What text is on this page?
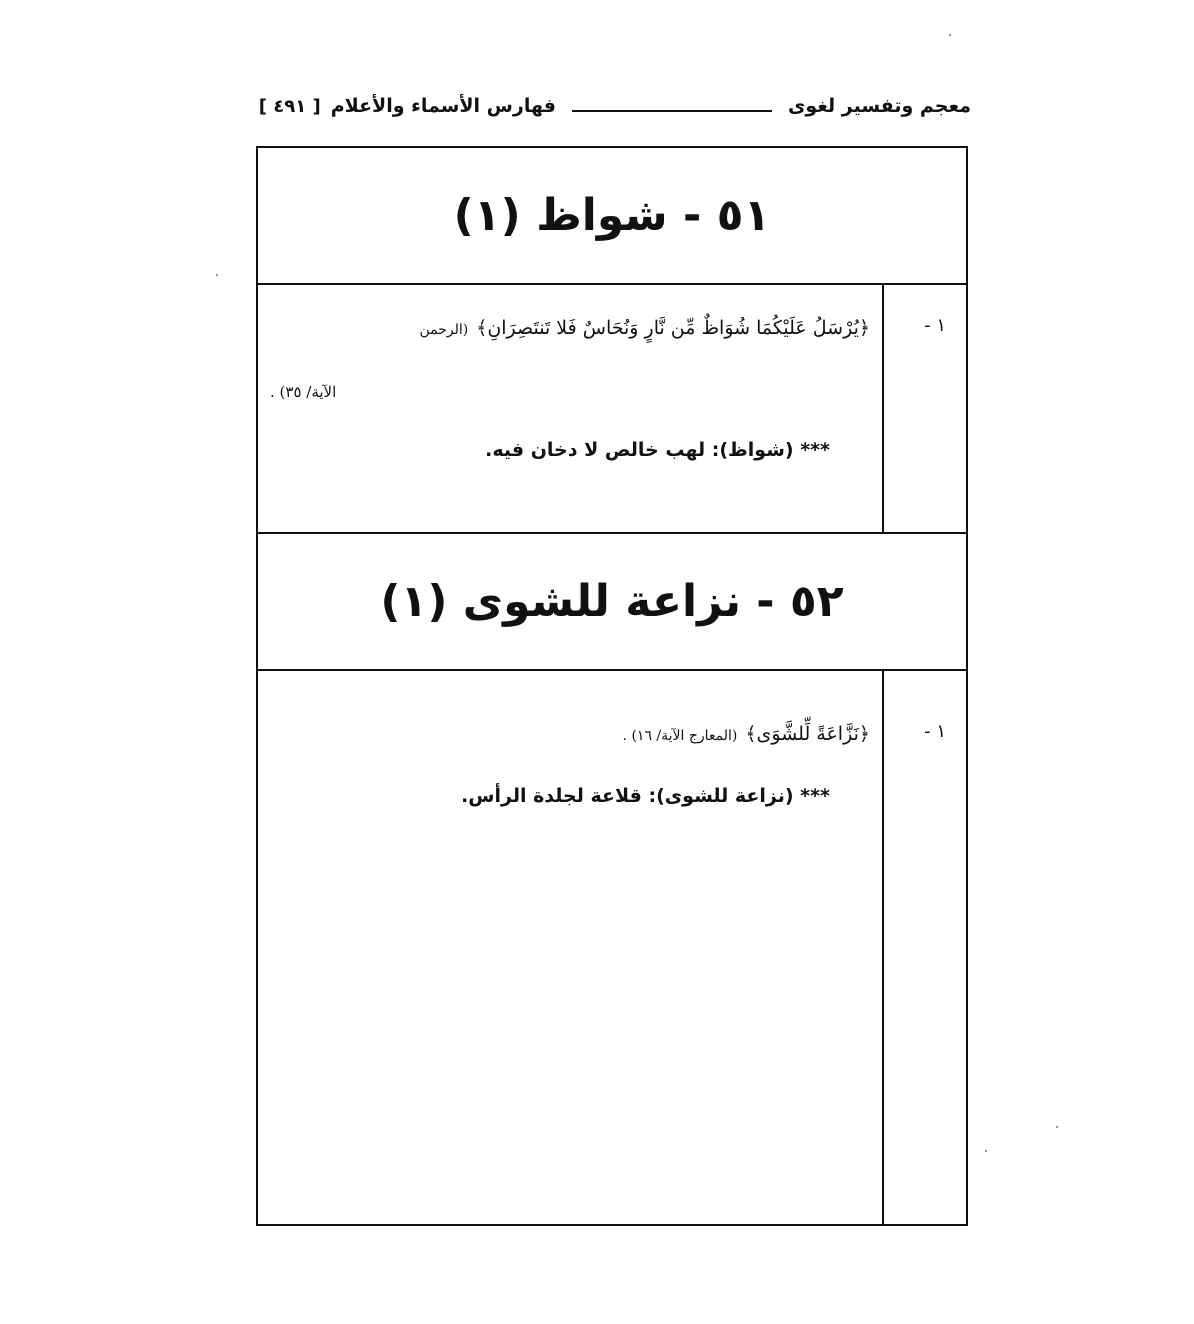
معجم وتفسير لغوى
فهارس الأسماء والأعلام
[ ٤٩١ ]
٥١ - شواظ (١)
١ -
﴿يُرْسَلُ عَلَيْكُمَا شُوَاظٌ مِّن نَّارٍ وَنُحَاسٌ فَلا تَنتَصِرَانِ﴾(الرحمن
الآية/ ٣٥) .
*** (شواظ): لهب خالص لا دخان فيه.
٥٢ - نزاعة للشوى (١)
١ -
﴿نَزَّاعَةً لِّلشَّوَى﴾(المعارج الآية/ ١٦) .
*** (نزاعة للشوى): قلاعة لجلدة الرأس.
